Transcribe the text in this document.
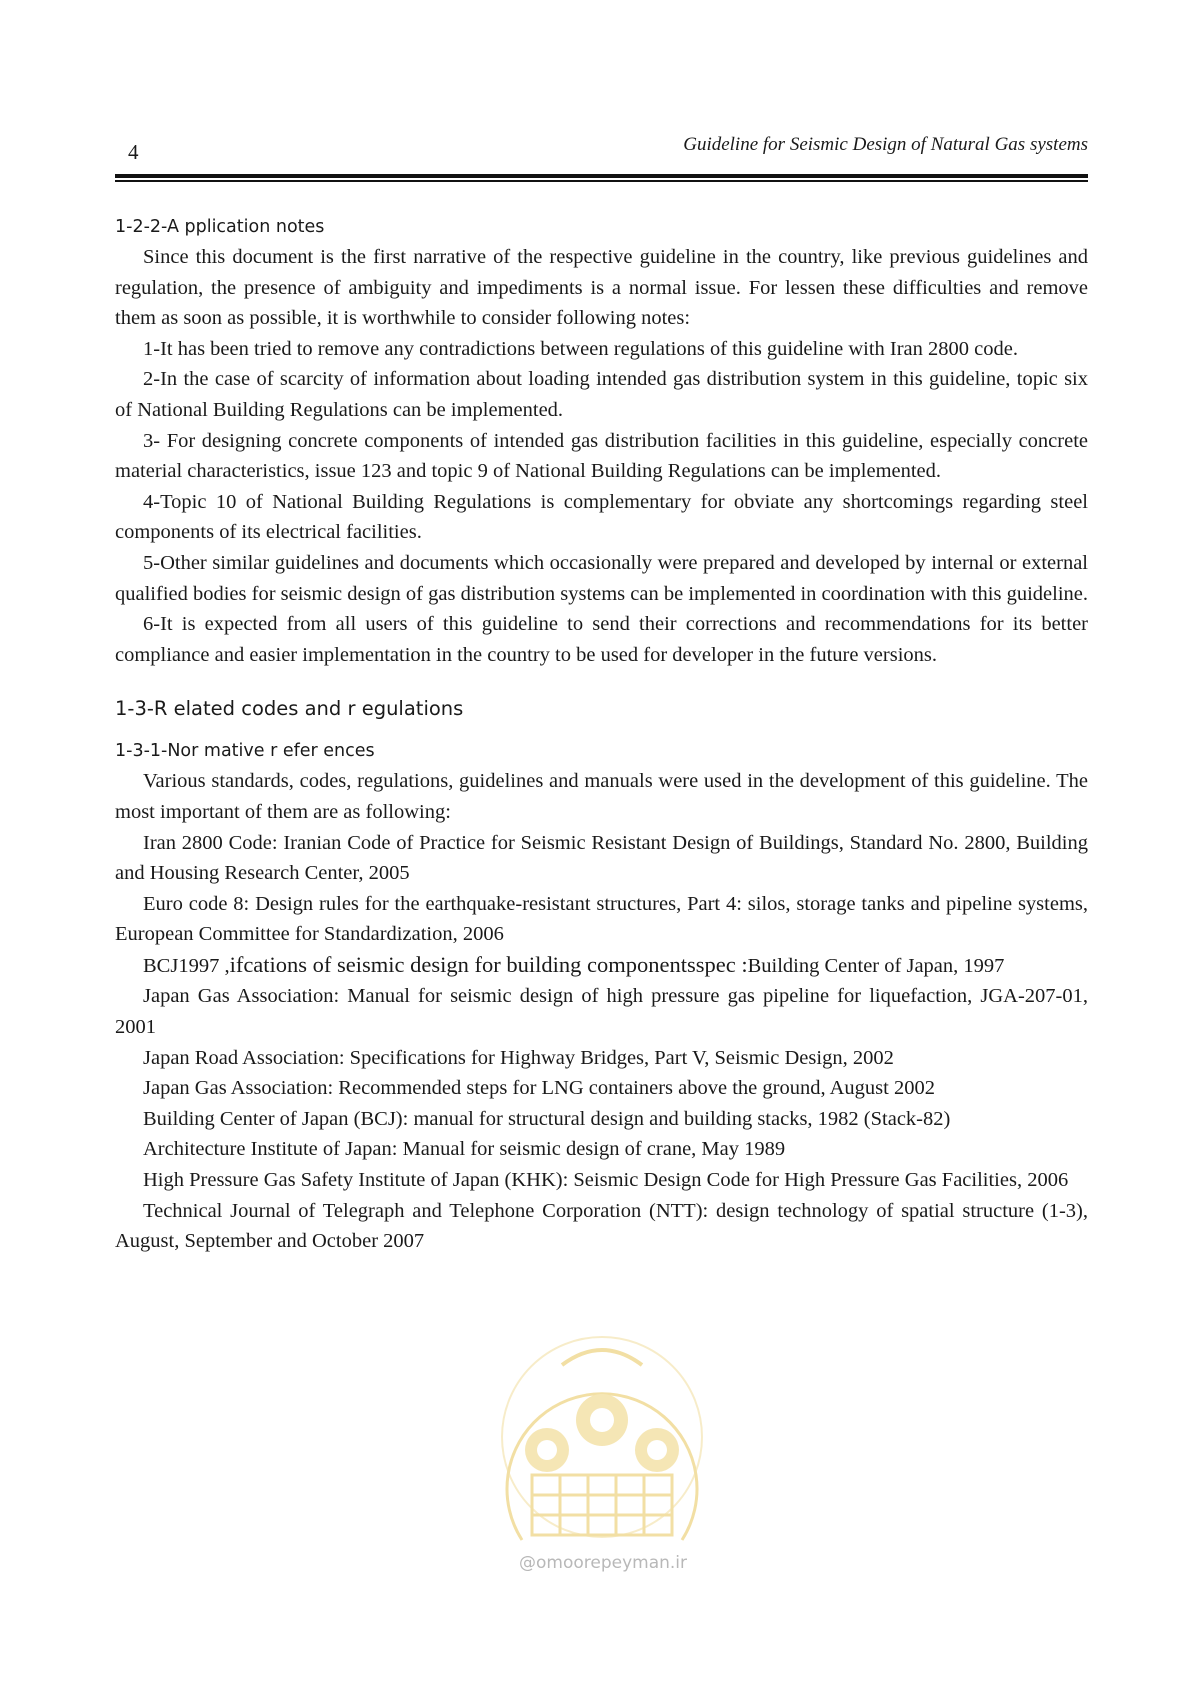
4	Guideline for Seismic Design of Natural Gas systems
1-2-2-A pplication notes

Since this document is the first narrative of the respective guideline in the country, like previous guidelines and regulation, the presence of ambiguity and impediments is a normal issue. For lessen these difficulties and remove them as soon as possible, it is worthwhile to consider following notes:

1-It has been tried to remove any contradictions between regulations of this guideline with Iran 2800 code.

2-In the case of scarcity of information about loading intended gas distribution system in this guideline, topic six of National Building Regulations can be implemented.

3- For designing concrete components of intended gas distribution facilities in this guideline, especially concrete material characteristics, issue 123 and topic 9 of National Building Regulations can be implemented.

4-Topic 10 of National Building Regulations is complementary for obviate any shortcomings regarding steel components of its electrical facilities.

5-Other similar guidelines and documents which occasionally were prepared and developed by internal or external qualified bodies for seismic design of gas distribution systems can be implemented in coordination with this guideline.

6-It is expected from all users of this guideline to send their corrections and recommendations for its better compliance and easier implementation in the country to be used for developer in the future versions.

1-3-R elated codes and r egulations
1-3-1-Nor mative r efer ences

Various standards, codes, regulations, guidelines and manuals were used in the development of this guideline. The most important of them are as following:

Iran 2800 Code: Iranian Code of Practice for Seismic Resistant Design of Buildings, Standard No. 2800, Building and Housing Research Center, 2005

Euro code 8: Design rules for the earthquake-resistant structures, Part 4: silos, storage tanks and pipeline systems, European Committee for Standardization, 2006

BCJ1997 ,ifcations of seismic design for building componentsspec :Building Center of Japan, 1997

Japan Gas Association: Manual for seismic design of high pressure gas pipeline for liquefaction, JGA-207-01, 2001

Japan Road Association: Specifications for Highway Bridges, Part V, Seismic Design, 2002

Japan Gas Association: Recommended steps for LNG containers above the ground, August 2002

Building Center of Japan (BCJ): manual for structural design and building stacks, 1982 (Stack-82)

Architecture Institute of Japan: Manual for seismic design of crane, May 1989

High Pressure Gas Safety Institute of Japan (KHK): Seismic Design Code for High Pressure Gas Facilities, 2006

Technical Journal of Telegraph and Telephone Corporation (NTT): design technology of spatial structure (1-3), August, September and October 2007

@omoorepeyman.ir
